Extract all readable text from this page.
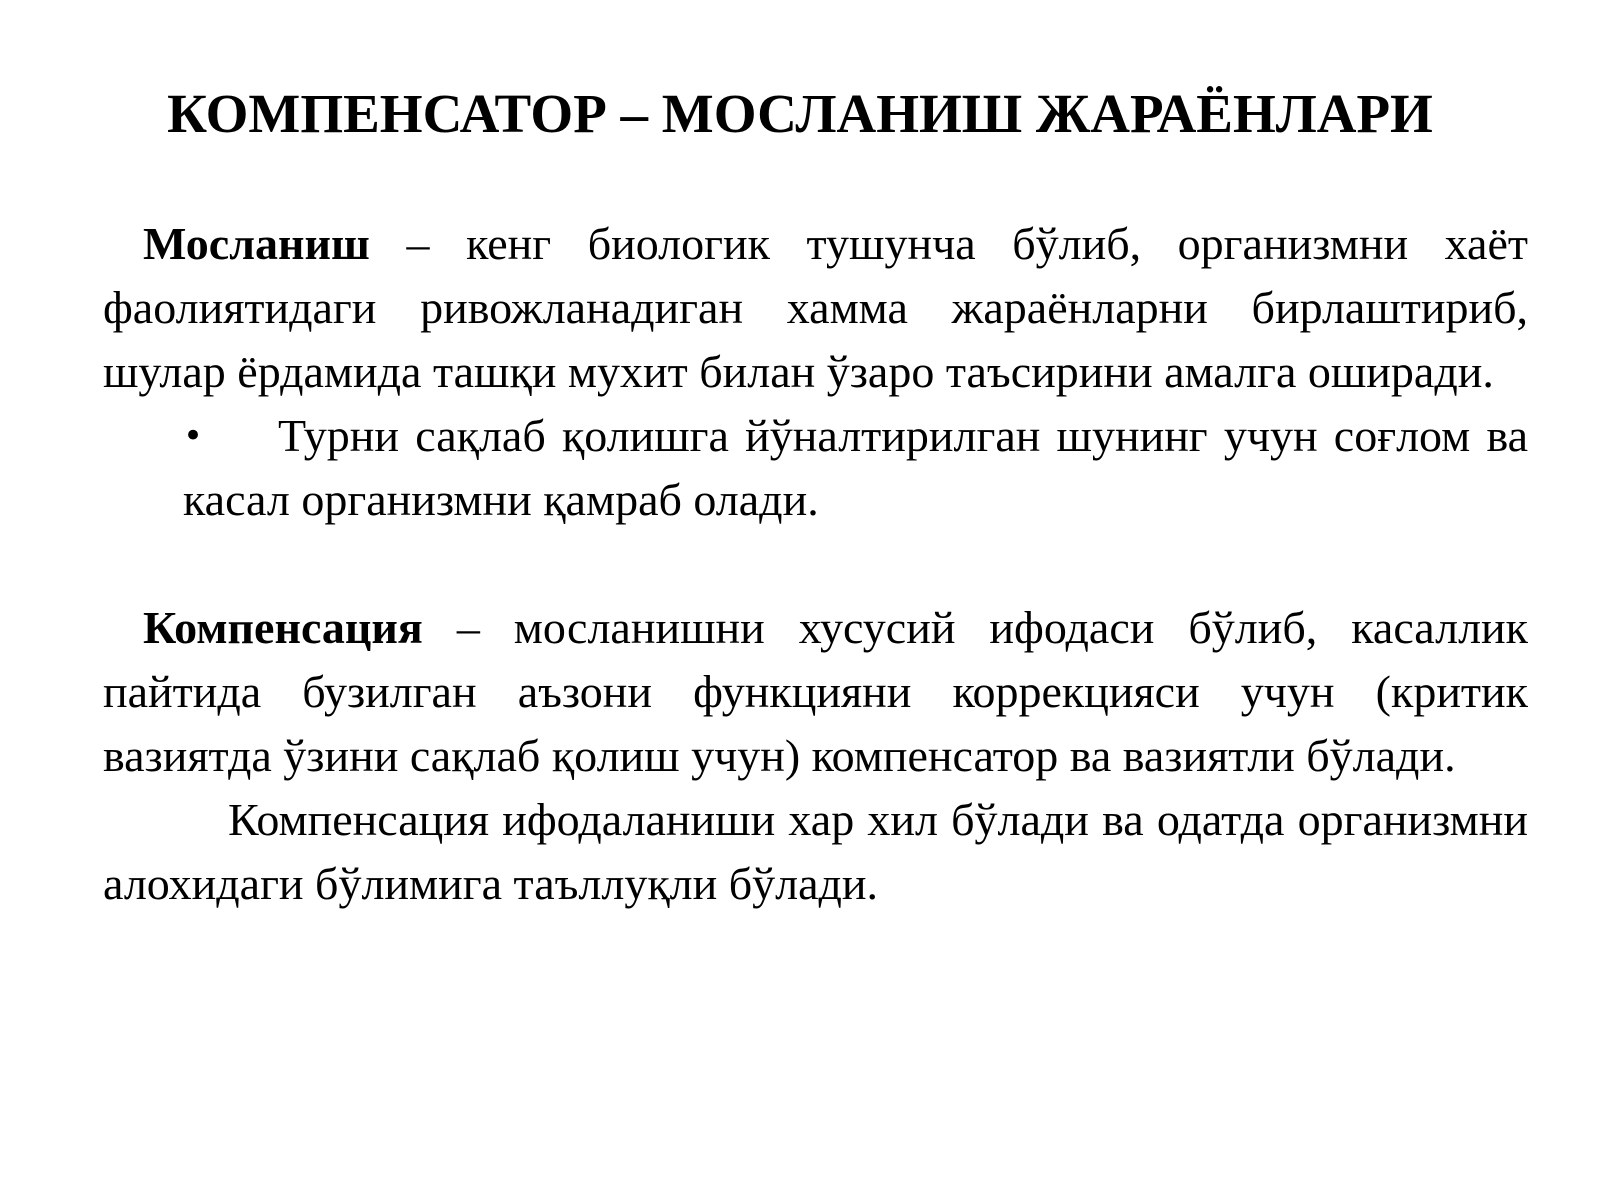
КОМПЕНСАТОР – МОСЛАНИШ ЖАРАЁНЛАРИ

Мосланиш – кенг биологик тушунча бўлиб, организмни хаёт фаолиятидаги ривожланадиган хамма жараёнларни бирлаштириб, шулар ёрдамида ташқи мухит билан ўзаро таъсирини амалга оширади.

• Турни сақлаб қолишга йўналтирилган шунинг учун соғлом ва касал организмни қамраб олади.

Компенсация – мосланишни хусусий ифодаси бўлиб, касаллик пайтида бузилган аъзони функцияни коррекцияси учун (критик вазиятда ўзини сақлаб қолиш учун) компенсатор ва вазиятли бўлади.

Компенсация ифодаланиши хар хил бўлади ва одатда организмни алохидаги бўлимига таъллуқли бўлади.
